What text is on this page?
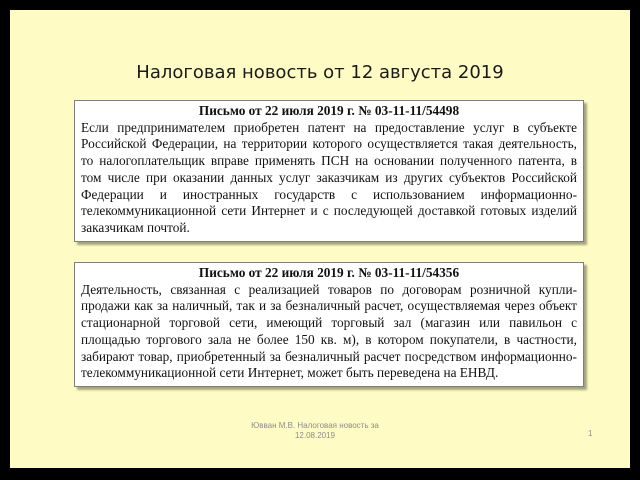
Налоговая новость от 12 августа 2019
Письмо от 22 июля 2019 г. № 03-11-11/54498
Если предпринимателем приобретен патент на предоставление услуг в субъекте Российской Федерации, на территории которого осуществляется такая деятельность, то налогоплательщик вправе применять ПСН на основании полученного патента, в том числе при оказании данных услуг заказчикам из других субъектов Российской Федерации и иностранных государств с использованием информационно-телекоммуникационной сети Интернет и с последующей доставкой готовых изделий заказчикам почтой.
Письмо от 22 июля 2019 г. № 03-11-11/54356
Деятельность, связанная с реализацией товаров по договорам розничной купли-продажи как за наличный, так и за безналичный расчет, осуществляемая через объект стационарной торговой сети, имеющий торговый зал (магазин или павильон с площадью торгового зала не более 150 кв. м), в котором покупатели, в частности, забирают товар, приобретенный за безналичный расчет посредством информационно-телекоммуникационной сети Интернет, может быть переведена на ЕНВД.
Ювван М.В. Налоговая новость за 12.08.2019	1
